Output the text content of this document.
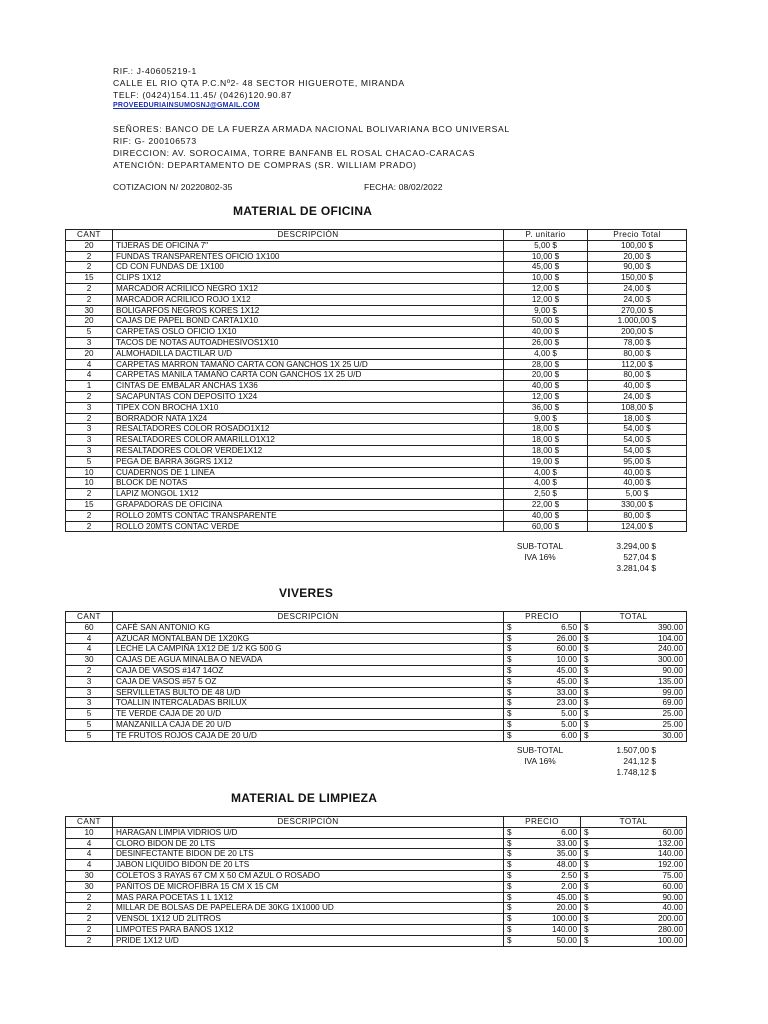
RIF.: J-40605219-1
CALLE EL RIO QTA P.C.Nº2- 48 SECTOR HIGUEROTE, MIRANDA
TELF: (0424)154.11.45/ (0426)120.90.87
PROVEEDURIAINSUMOSNJ@GMAIL.COM
SEÑORES: BANCO DE LA FUERZA ARMADA NACIONAL BOLIVARIANA BCO UNIVERSAL
RIF: G- 200106573
DIRECCION: AV. SOROCAIMA, TORRE BANFANB EL ROSAL CHACAO-CARACAS
ATENCIÓN: DEPARTAMENTO DE COMPRAS (SR. WILLIAM PRADO)
COTIZACION N/ 20220802-35	FECHA: 08/02/2022
MATERIAL DE OFICINA
CANT	DESCRIPCIÓN	P. unitario	Precio Total
20	TIJERAS DE OFICINA 7"	5,00 $	100,00 $
2	FUNDAS TRANSPARENTES OFICIO 1X100	10,00 $	20,00 $
2	CD CON FUNDAS DE 1X100	45,00 $	90,00 $
15	CLIPS 1X12	10,00 $	150,00 $
2	MARCADOR ACRILICO NEGRO 1X12	12,00 $	24,00 $
2	MARCADOR ACRILICO ROJO 1X12	12,00 $	24,00 $
30	BOLIGARFOS NEGROS KORES 1X12	9,00 $	270,00 $
20	CAJAS DE PAPEL BOND CARTA1X10	50,00 $	1.000,00 $
5	CARPETAS OSLO OFICIO 1X10	40,00 $	200,00 $
3	TACOS DE NOTAS AUTOADHESIVOS1X10	26,00 $	78,00 $
20	ALMOHADILLA DACTILAR U/D	4,00 $	80,00 $
4	CARPETAS MARRON TAMAÑO CARTA CON GANCHOS 1X 25 U/D	28,00 $	112,00 $
4	CARPETAS MANILA TAMAÑO CARTA CON GANCHOS 1X 25 U/D	20,00 $	80,00 $
1	CINTAS DE EMBALAR ANCHAS 1X36	40,00 $	40,00 $
2	SACAPUNTAS CON DEPOSITO 1X24	12,00 $	24,00 $
3	TIPEX CON BROCHA 1X10	36,00 $	108,00 $
2	BORRADOR NATA 1X24	9,00 $	18,00 $
3	RESALTADORES COLOR ROSADO1X12	18,00 $	54,00 $
3	RESALTADORES COLOR AMARILLO1X12	18,00 $	54,00 $
3	RESALTADORES COLOR VERDE1X12	18,00 $	54,00 $
5	PEGA DE BARRA 36GRS 1X12	19,00 $	95,00 $
10	CUADERNOS DE 1 LINEA	4,00 $	40,00 $
10	BLOCK DE NOTAS	4,00 $	40,00 $
2	LAPIZ MONGOL 1X12	2,50 $	5,00 $
15	GRAPADORAS DE OFICINA	22,00 $	330,00 $
2	ROLLO 20MTS CONTAC TRANSPARENTE	40,00 $	80,00 $
2	ROLLO 20MTS CONTAC VERDE	60,00 $	124,00 $
SUB-TOTAL	3.294,00 $
IVA 16%	527,04 $
3.281,04 $
VIVERES
CANT	DESCRIPCIÓN	PRECIO	TOTAL
60	CAFÉ SAN ANTONIO KG	$ 6.50	$ 390.00
4	AZUCAR MONTALBAN DE 1X20KG	$ 26.00	$ 104.00
4	LECHE LA CAMPIÑA 1X12 DE 1/2 KG 500 G	$ 60.00	$ 240.00
30	CAJAS DE AGUA MINALBA O NEVADA	$ 10.00	$ 300.00
2	CAJA DE VASOS #147 14OZ	$ 45.00	$ 90.00
3	CAJA DE VASOS #57 5 OZ	$ 45.00	$ 135.00
3	SERVILLETAS BULTO DE 48 U/D	$ 33.00	$ 99.00
3	TOALLIN INTERCALADAS BRILUX	$ 23.00	$ 69.00
5	TE VERDE CAJA DE 20 U/D	$ 5.00	$ 25.00
5	MANZANILLA CAJA DE 20 U/D	$ 5.00	$ 25.00
5	TE FRUTOS ROJOS CAJA DE 20 U/D	$ 6.00	$ 30.00
SUB-TOTAL	1.507,00 $
IVA 16%	241,12 $
1.748,12 $
MATERIAL DE LIMPIEZA
CANT	DESCRIPCIÓN	PRECIO	TOTAL
10	HARAGAN LIMPIA VIDRIOS U/D	$ 6.00	$ 60.00
4	CLORO BIDON DE 20 LTS	$ 33.00	$ 132.00
4	DESINFECTANTE BIDON DE 20 LTS	$ 35.00	$ 140.00
4	JABON LIQUIDO BIDON DE 20 LTS	$ 48.00	$ 192.00
30	COLETOS 3 RAYAS 67 CM X 50 CM AZUL O ROSADO	$ 2.50	$ 75.00
30	PAÑITOS DE MICROFIBRA 15 CM X 15 CM	$ 2.00	$ 60.00
2	MAS PARA POCETAS 1 L 1X12	$ 45.00	$ 90.00
2	MILLAR DE BOLSAS DE PAPELERA DE 30KG 1X1000 UD	$ 20.00	$ 40.00
2	VENSOL 1X12 UD 2LITROS	$ 100.00	$ 200.00
2	LIMPOTES PARA BAÑOS 1X12	$ 140.00	$ 280.00
2	PRIDE 1X12 U/D	$ 50.00	$ 100.00
